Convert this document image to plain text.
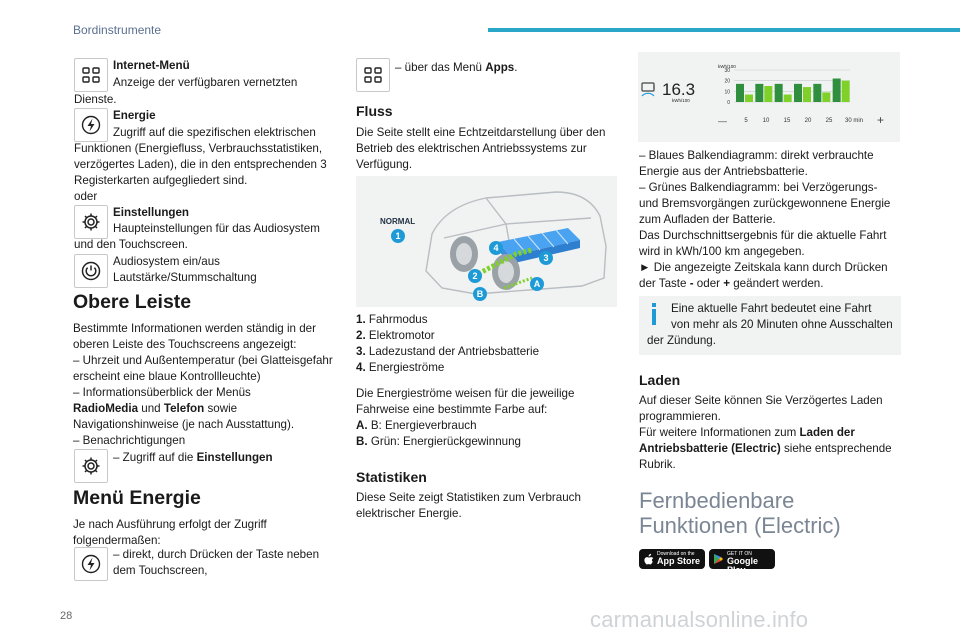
Bordinstrumente
Internet-Menü
Anzeige der verfügbaren vernetzten
Dienste.
Energie
Zugriff auf die spezifischen elektrischen
Funktionen (Energiefluss, Verbrauchsstatistiken,
verzögertes Laden), die in den entsprechenden 3
Registerkarten aufgegliedert sind.
oder
Einstellungen
Haupteinstellungen für das Audiosystem
und den Touchscreen.
Audiosystem ein/aus
Lautstärke/Stummschaltung
Obere Leiste
Bestimmte Informationen werden ständig in der
oberen Leiste des Touchscreens angezeigt:
– Uhrzeit und Außentemperatur (bei Glatteisgefahr
erscheint eine blaue Kontrollleuchte)
– Informationsüberblick der Menüs
RadioMedia und Telefon sowie
Navigationshinweise (je nach Ausstattung).
– Benachrichtigungen
– Zugriff auf die Einstellungen
Menü Energie
Je nach Ausführung erfolgt der Zugriff
folgendermaßen:
– direkt, durch Drücken der Taste neben
dem Touchscreen,
– über das Menü Apps.
Fluss
Die Seite stellt eine Echtzeitdarstellung über den
Betrieb des elektrischen Antriebssystems zur
Verfügung.
NORMAL
1
4
3
2
A
B
1. Fahrmodus
2. Elektromotor
3. Ladezustand der Antriebsbatterie
4. Energieströme
Die Energieströme weisen für die jeweilige
Fahrweise eine bestimmte Farbe auf:
A. B: Energieverbrauch
B. Grün: Energierückgewinnung
Statistiken
Diese Seite zeigt Statistiken zum Verbrauch
elektrischer Energie.
16.3
kWh/100
kWh/100
0
10
20
30
—	5 10 15 20 25 30 min +
– Blaues Balkendiagramm: direkt verbrauchte
Energie aus der Antriebsbatterie.
– Grünes Balkendiagramm: bei Verzögerungs-
und Bremsvorgängen zurückgewonnene Energie
zum Aufladen der Batterie.
Das Durchschnittsergebnis für die aktuelle Fahrt
wird in kWh/100 km angegeben.
► Die angezeigte Zeitskala kann durch Drücken
der Taste - oder + geändert werden.
Eine aktuelle Fahrt bedeutet eine Fahrt
von mehr als 20 Minuten ohne Ausschalten
der Zündung.
Laden
Auf dieser Seite können Sie Verzögertes Laden
programmieren.
Für weitere Informationen zum Laden der
Antriebsbatterie (Electric) siehe entsprechende
Rubrik.
Fernbedienbare
Funktionen (Electric)
Download on the
App Store
GET IT ON
Google Play
28	carmanualsonline.info
